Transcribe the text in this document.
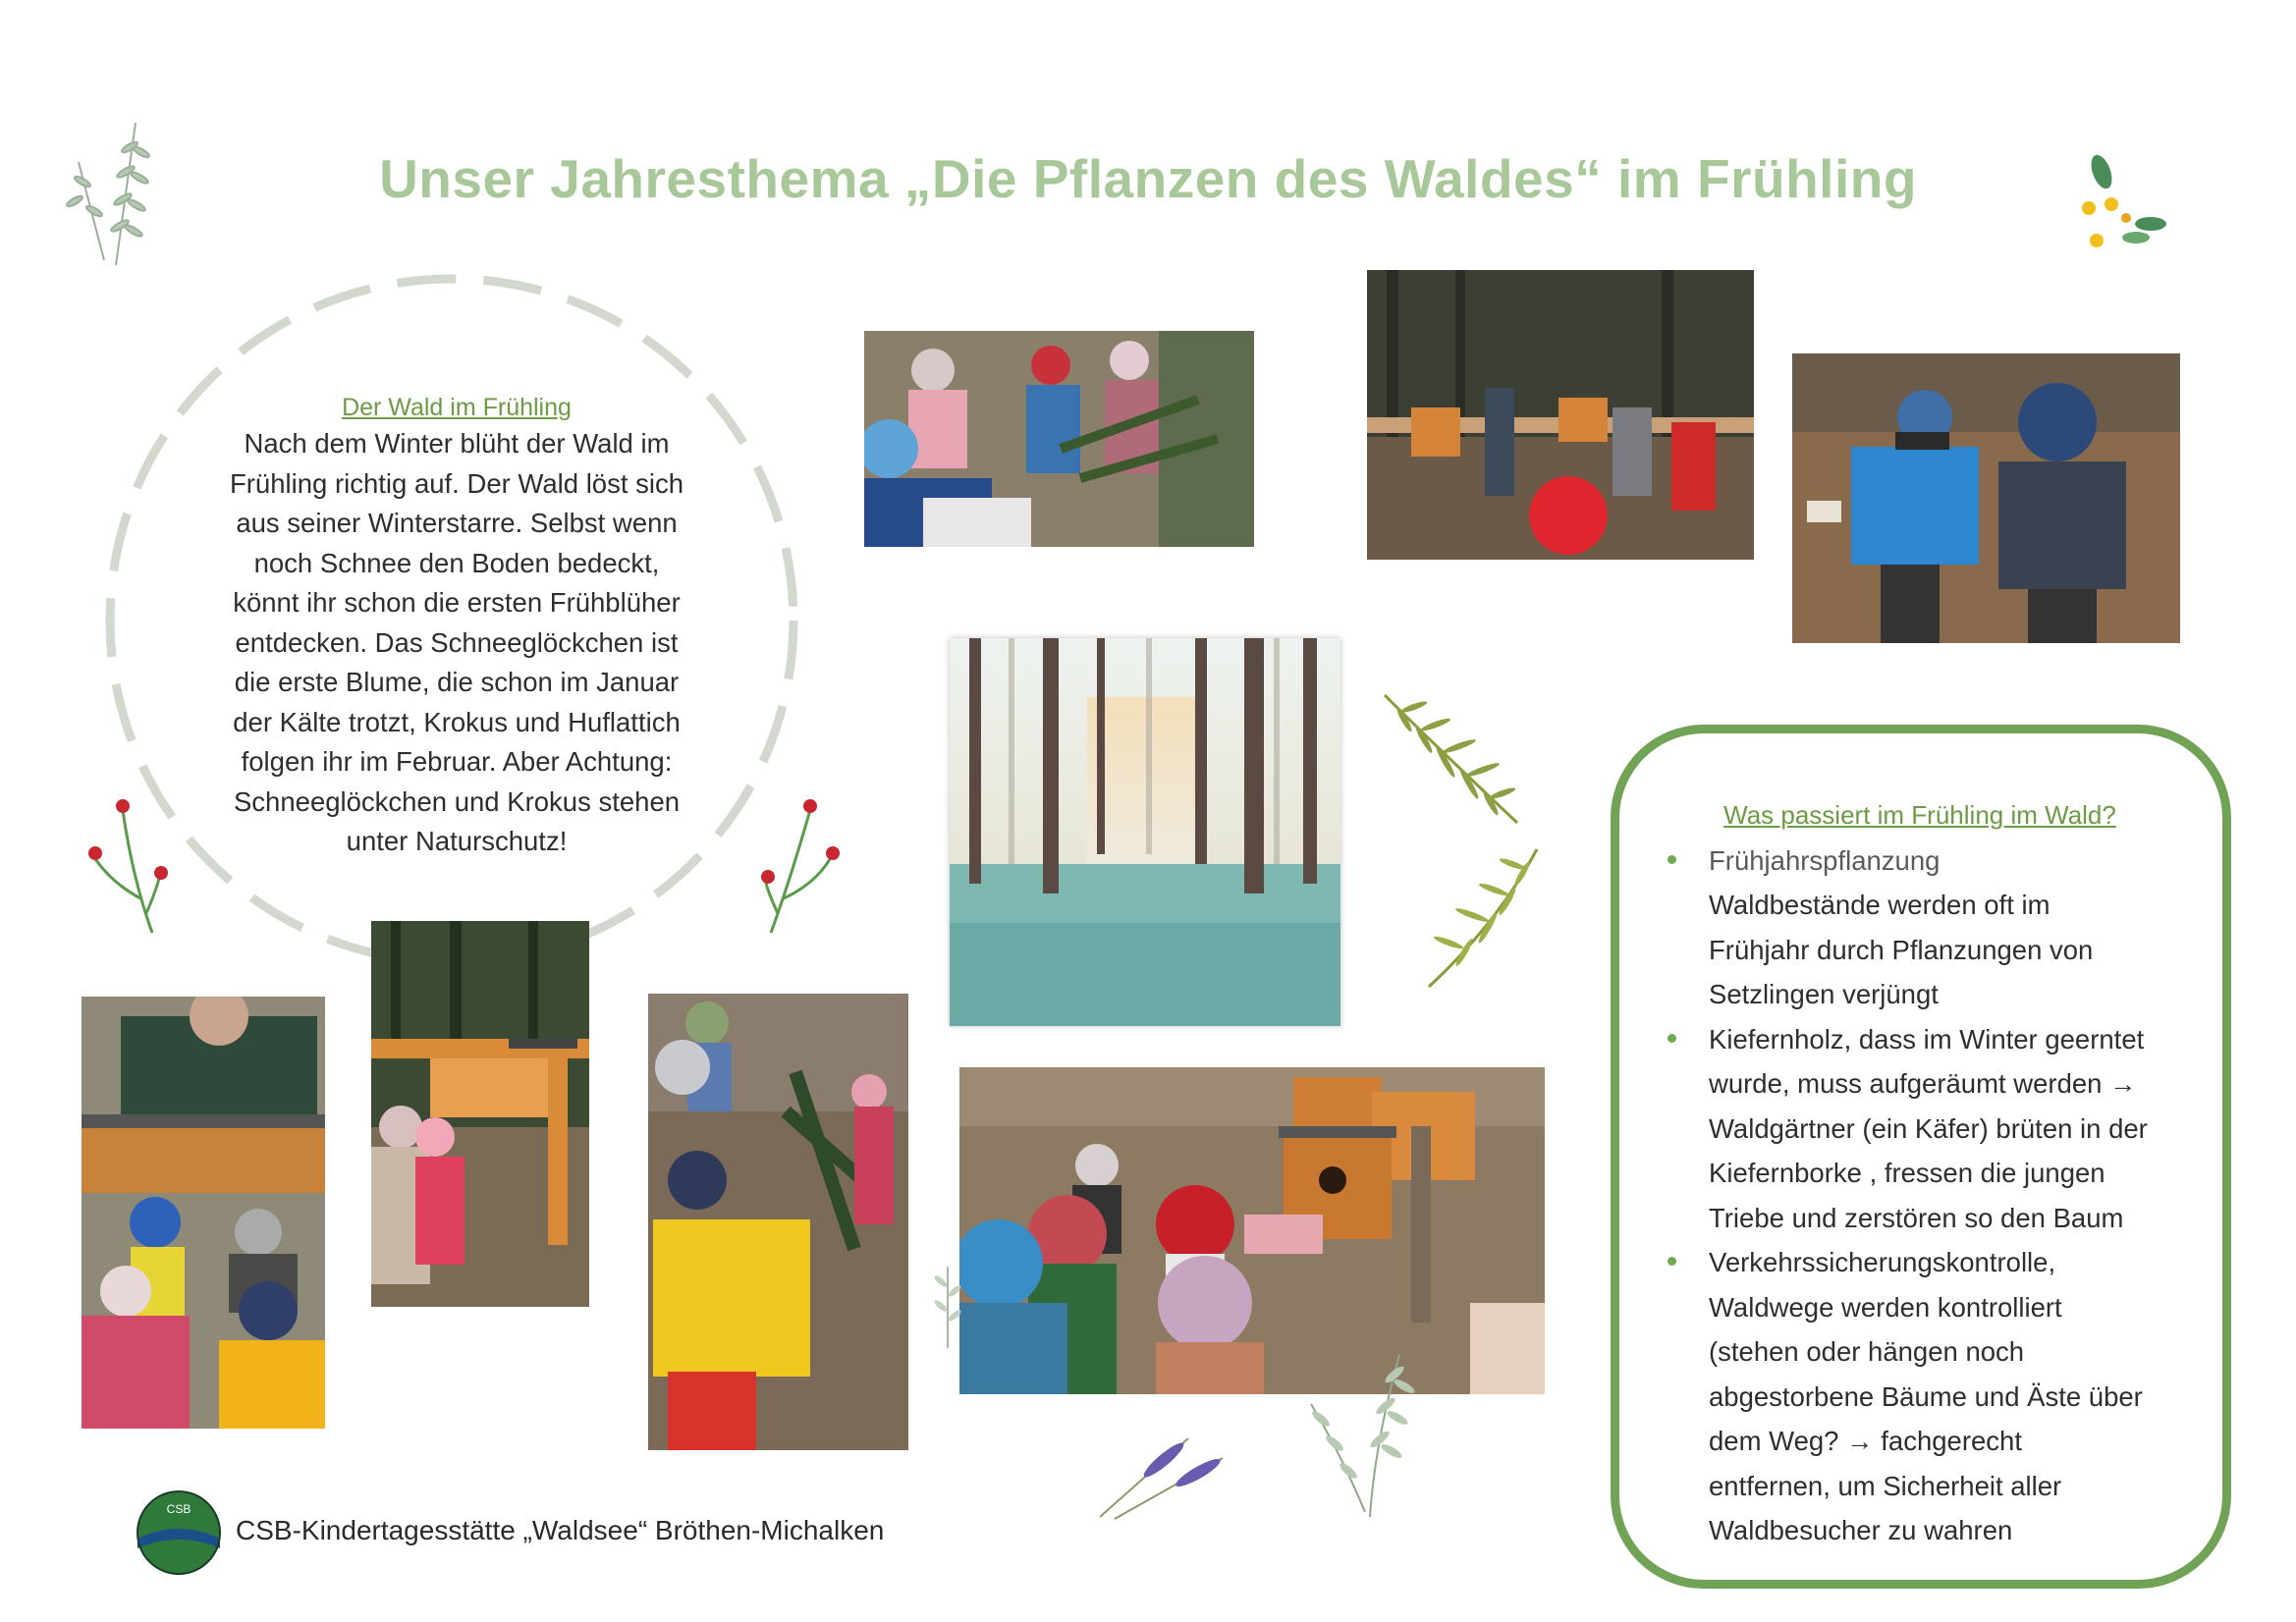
Unser Jahresthema „Die Pflanzen des Waldes“ im Frühling
Der Wald im Frühling
Nach dem Winter blüht der Wald im
Frühling richtig auf. Der Wald löst sich
aus seiner Winterstarre. Selbst wenn
noch Schnee den Boden bedeckt,
könnt ihr schon die ersten Frühblüher
entdecken. Das Schneeglöckchen ist
die erste Blume, die schon im Januar
der Kälte trotzt, Krokus und Huflattich
folgen ihr im Februar. Aber Achtung:
Schneeglöckchen und Krokus stehen
unter Naturschutz!
Was passiert im Frühling im Wald?
Frühjahrspflanzung
Waldbestände werden oft im
Frühjahr durch Pflanzungen von
Setzlingen verjüngt
Kiefernholz, dass im Winter geerntet
wurde, muss aufgeräumt werden →
Waldgärtner (ein Käfer) brüten in der
Kiefernborke , fressen die jungen
Triebe und zerstören so den Baum
Verkehrssicherungskontrolle,
Waldwege werden kontrolliert
(stehen oder hängen noch
abgestorbene Bäume und Äste über
dem Weg? → fachgerecht
entfernen, um Sicherheit aller
Waldbesucher zu wahren
CSB
CSB-Kindertagesstätte „Waldsee“ Bröthen-Michalken
